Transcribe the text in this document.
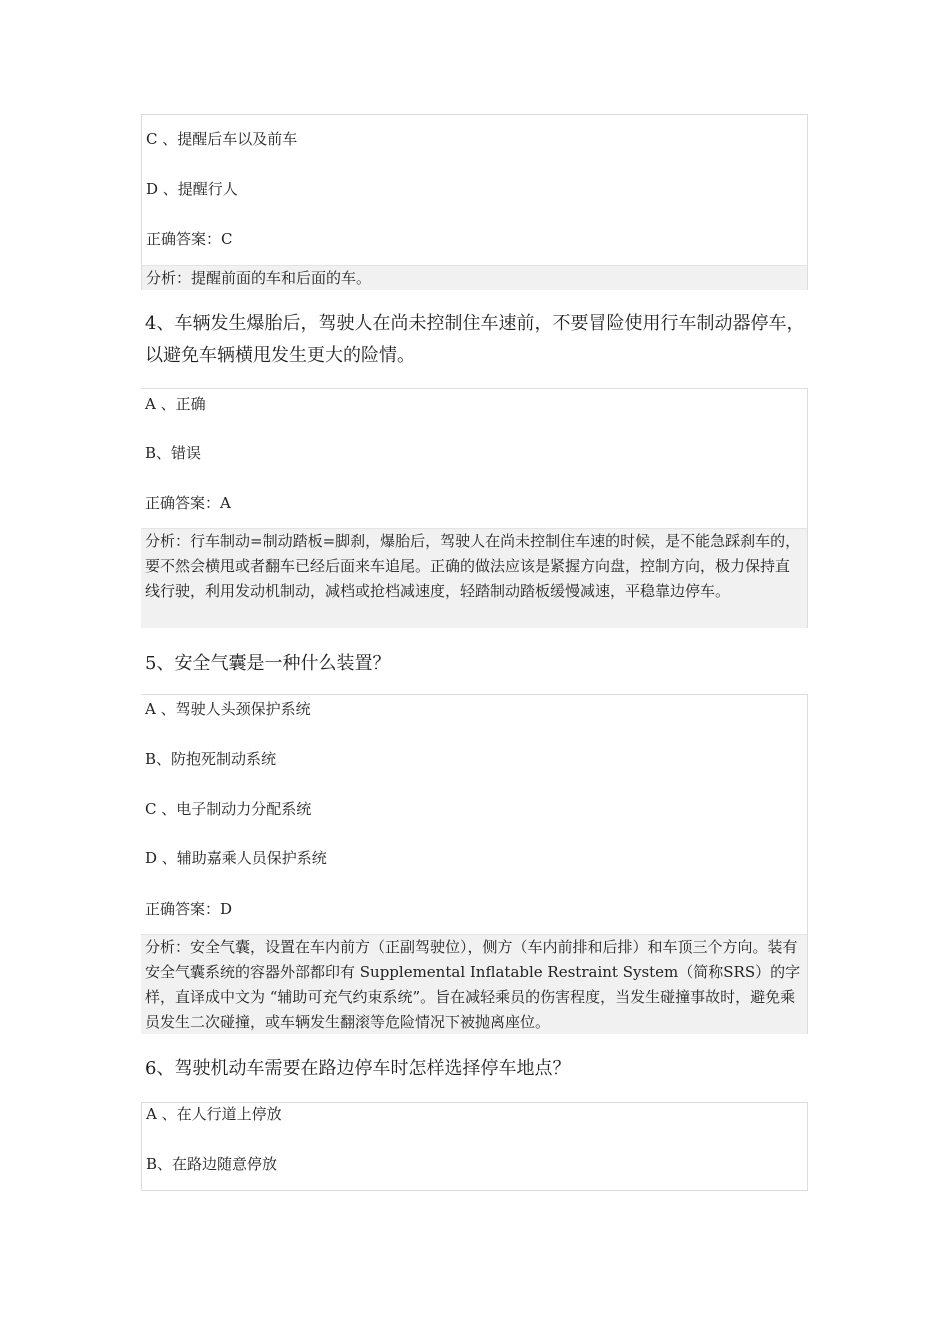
C 、提醒后车以及前车
D 、提醒行人
正确答案：C
分析：提醒前面的车和后面的车。
4、车辆发生爆胎后，驾驶人在尚未控制住车速前，不要冒险使用行车制动器停车，以避免车辆横甩发生更大的险情。
A 、正确
B、错误
正确答案：A
分析：行车制动=制动踏板=脚刹，爆胎后，驾驶人在尚未控制住车速的时候，是不能急踩刹车的，要不然会横甩或者翻车已经后面来车追尾。正确的做法应该是紧握方向盘，控制方向，极力保持直线行驶，利用发动机制动，减档或抢档减速度，轻踏制动踏板缓慢减速，平稳靠边停车。
5、安全气囊是一种什么装置？
A 、驾驶人头颈保护系统
B、防抱死制动系统
C 、电子制动力分配系统
D 、辅助嘉乘人员保护系统
正确答案：D
分析：安全气囊，设置在车内前方（正副驾驶位），侧方（车内前排和后排）和车顶三个方向。装有安全气囊系统的容器外部都印有 Supplemental Inflatable Restraint System（简称SRS）的字样，直译成中文为 “辅助可充气约束系统”。旨在减轻乘员的伤害程度，当发生碰撞事故时，避免乘员发生二次碰撞，或车辆发生翻滚等危险情况下被抛离座位。
6、驾驶机动车需要在路边停车时怎样选择停车地点？
A 、在人行道上停放
B、在路边随意停放
